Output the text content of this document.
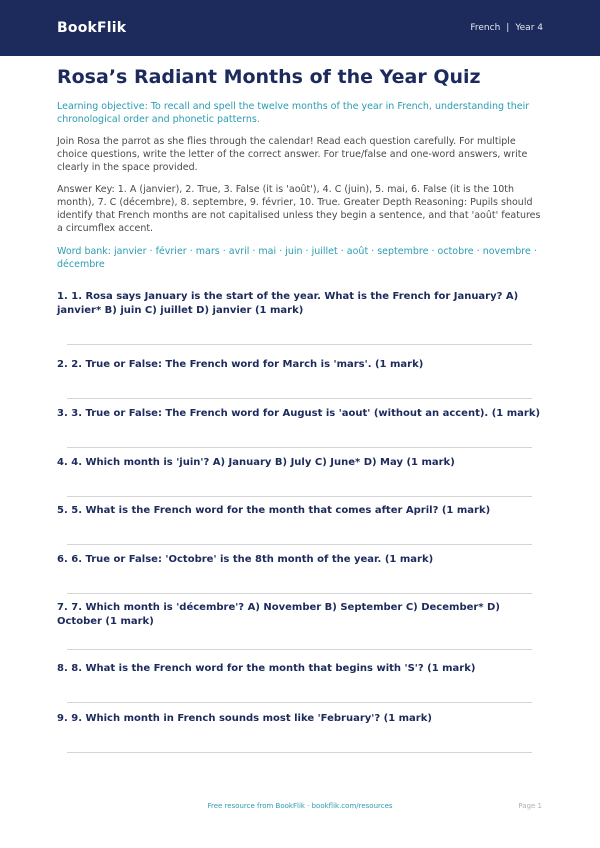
BookFlik	French | Year 4
Rosa’s Radiant Months of the Year Quiz
Learning objective: To recall and spell the twelve months of the year in French, understanding their chronological order and phonetic patterns.
Join Rosa the parrot as she flies through the calendar! Read each question carefully. For multiple choice questions, write the letter of the correct answer. For true/false and one-word answers, write clearly in the space provided.
Answer Key: 1. A (janvier), 2. True, 3. False (it is 'août'), 4. C (juin), 5. mai, 6. False (it is the 10th month), 7. C (décembre), 8. septembre, 9. février, 10. True. Greater Depth Reasoning: Pupils should identify that French months are not capitalised unless they begin a sentence, and that 'août' features a circumflex accent.
Word bank: janvier · février · mars · avril · mai · juin · juillet · août · septembre · octobre · novembre · décembre
1. 1. Rosa says January is the start of the year. What is the French for January? A) janvier* B) juin C) juillet D) janvier (1 mark)
2. 2. True or False: The French word for March is 'mars'. (1 mark)
3. 3. True or False: The French word for August is 'aout' (without an accent). (1 mark)
4. 4. Which month is 'juin'? A) January B) July C) June* D) May (1 mark)
5. 5. What is the French word for the month that comes after April? (1 mark)
6. 6. True or False: 'Octobre' is the 8th month of the year. (1 mark)
7. 7. Which month is 'décembre'? A) November B) September C) December* D) October (1 mark)
8. 8. What is the French word for the month that begins with 'S'? (1 mark)
9. 9. Which month in French sounds most like 'February'? (1 mark)
Free resource from BookFlik · bookflik.com/resources	Page 1
